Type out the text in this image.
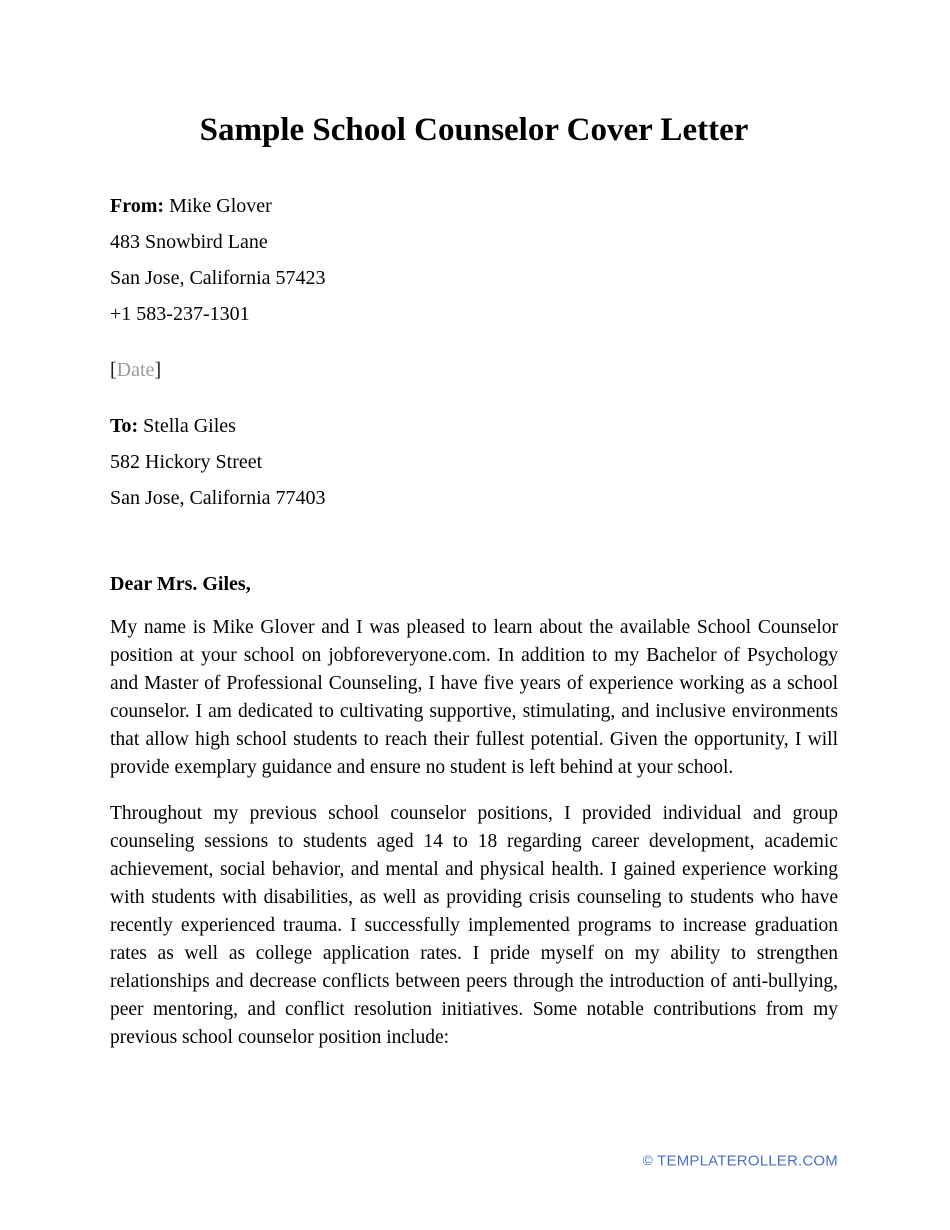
Sample School Counselor Cover Letter

From: Mike Glover

483 Snowbird Lane

San Jose, California 57423

+1 583-237-1301

[Date]

To: Stella Giles

582 Hickory Street

San Jose, California 77403

Dear Mrs. Giles,

My name is Mike Glover and I was pleased to learn about the available School Counselor position at your school on jobforeveryone.com. In addition to my Bachelor of Psychology and Master of Professional Counseling, I have five years of experience working as a school counselor. I am dedicated to cultivating supportive, stimulating, and inclusive environments that allow high school students to reach their fullest potential. Given the opportunity, I will provide exemplary guidance and ensure no student is left behind at your school.

Throughout my previous school counselor positions, I provided individual and group counseling sessions to students aged 14 to 18 regarding career development, academic achievement, social behavior, and mental and physical health. I gained experience working with students with disabilities, as well as providing crisis counseling to students who have recently experienced trauma. I successfully implemented programs to increase graduation rates as well as college application rates. I pride myself on my ability to strengthen relationships and decrease conflicts between peers through the introduction of anti-bullying, peer mentoring, and conflict resolution initiatives. Some notable contributions from my previous school counselor position include:

© TEMPLATEROLLER.COM
